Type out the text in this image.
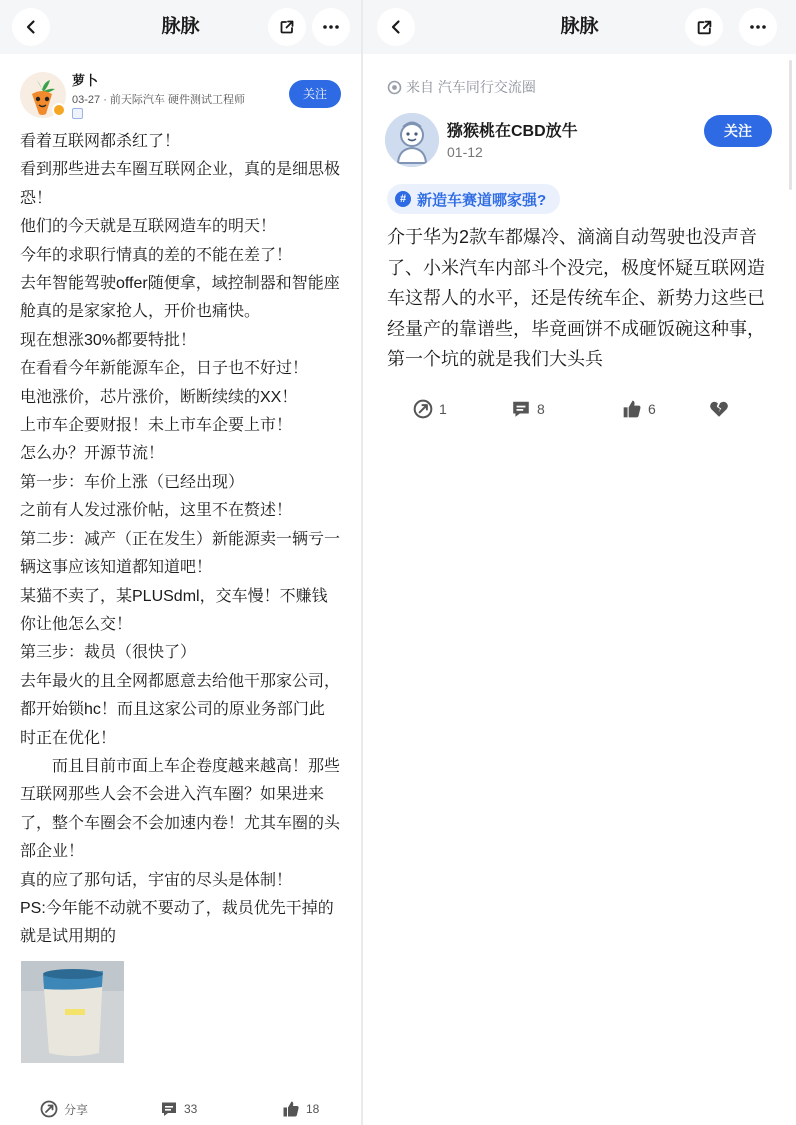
脉脉
萝卜
03-27 · 前天际汽车 硬件测试工程师	关注

看着互联网都杀红了！

看到那些进去车圈互联网企业，真的是细思极恐！

他们的今天就是互联网造车的明天！

今年的求职行情真的差的不能在差了！

去年智能驾驶offer随便拿，域控制器和智能座舱真的是家家抢人，开价也痛快。

现在想涨30%都要特批！

在看看今年新能源车企，日子也不好过！

电池涨价，芯片涨价，断断续续的XX！

上市车企要财报！未上市车企要上市！

怎么办？开源节流！

第一步：车价上涨（已经出现）

之前有人发过涨价帖，这里不在赘述！

第二步：减产（正在发生）新能源卖一辆亏一辆这事应该知道都知道吧！

某猫不卖了，某PLUSdml，交车慢！不赚钱你让他怎么交！

第三步：裁员（很快了）

去年最火的且全网都愿意去给他干那家公司，都开始锁hc！而且这家公司的原业务部门此时正在优化！

而且目前市面上车企卷度越来越高！那些互联网那些人会不会进入汽车圈？如果进来了，整个车圈会不会加速内卷！尤其车圈的头部企业！

真的应了那句话，宇宙的尽头是体制！

PS:今年能不动就不要动了，裁员优先干掉的就是试用期的

分享	33	18
脉脉
来自 汽车同行交流圈
猕猴桃在CBD放牛
01-12
关注
# 新造车赛道哪家强?
介于华为2款车都爆冷、滴滴自动驾驶也没声音了、小米汽车内部斗个没完，极度怀疑互联网造车这帮人的水平，还是传统车企、新势力这些已经量产的靠谱些，毕竟画饼不成砸饭碗这种事，第一个坑的就是我们大头兵
1	8	6
